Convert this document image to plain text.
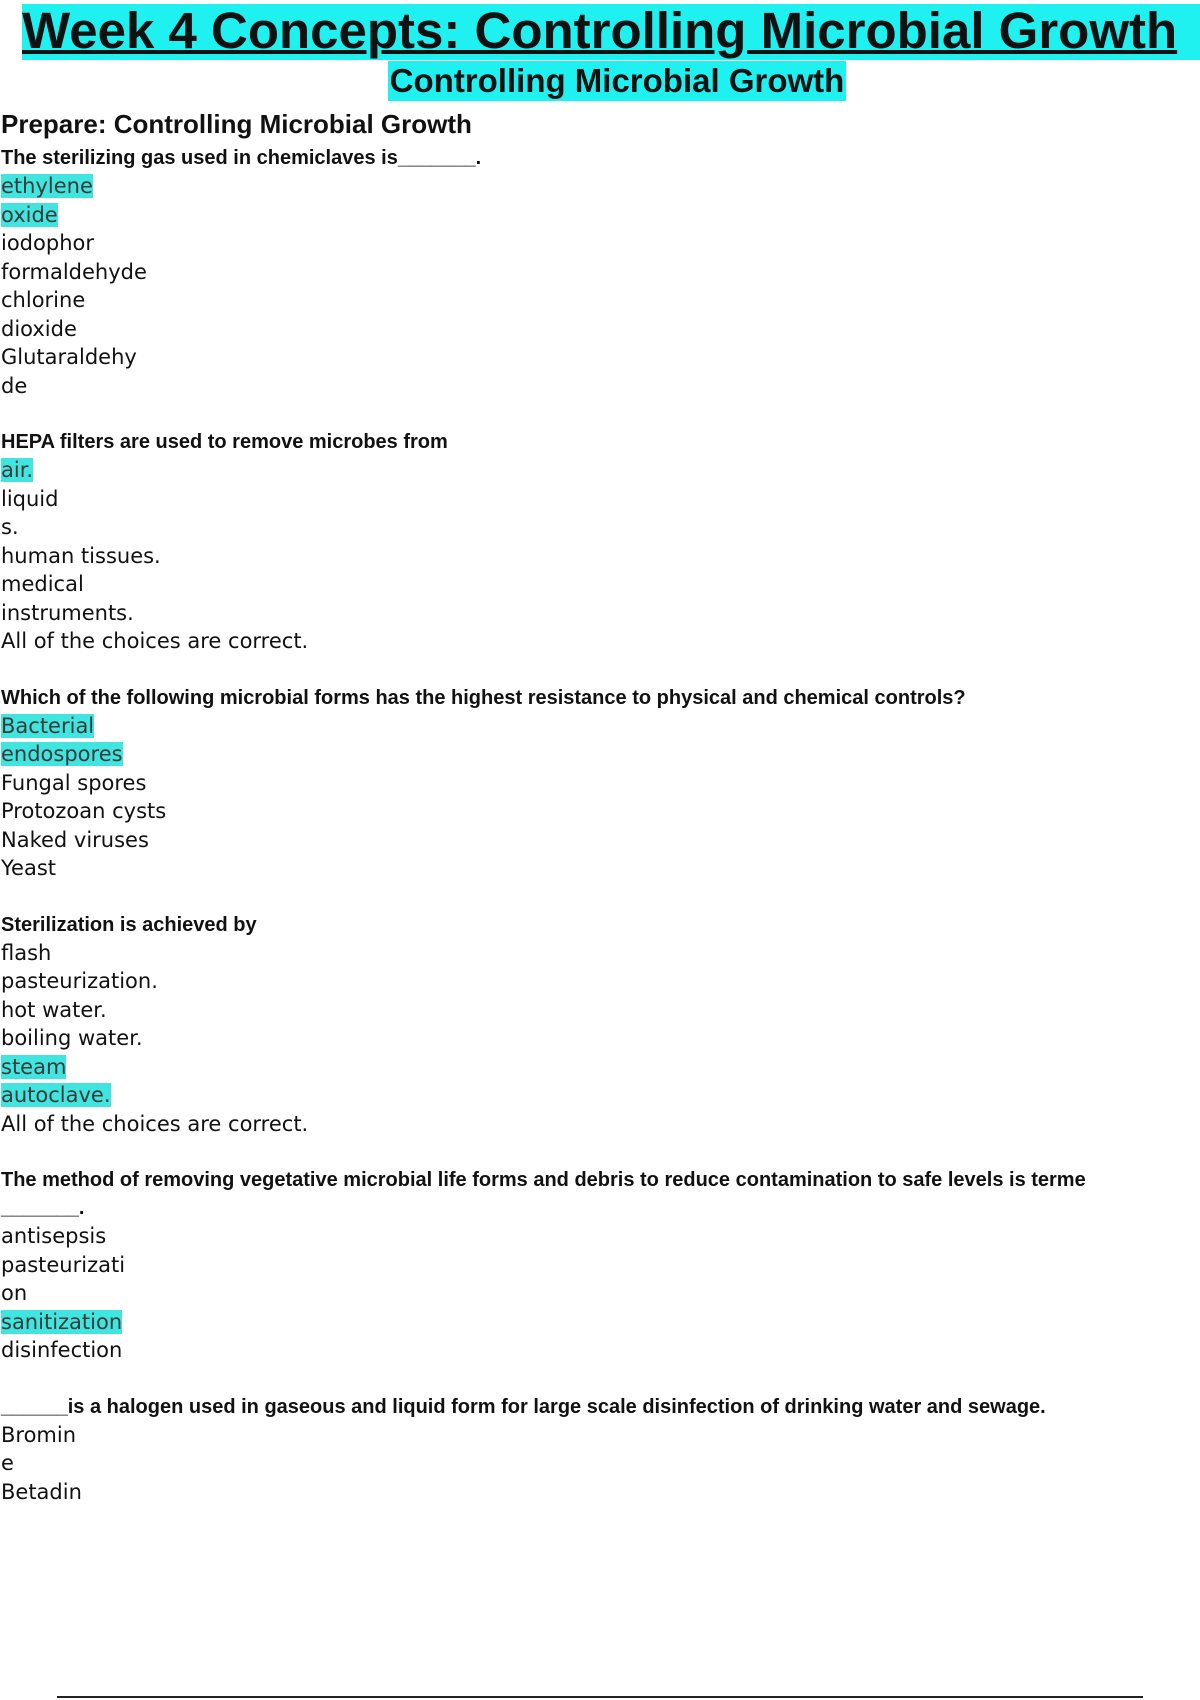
Week 4 Concepts: Controlling Microbial Growth
Controlling Microbial Growth
Prepare: Controlling Microbial Growth
The sterilizing gas used in chemiclaves is_______.
ethylene
oxide
iodophor
formaldehyde
chlorine
dioxide
Glutaraldehy
de
HEPA filters are used to remove microbes from
air.
liquid
s.
human tissues.
medical
instruments.
All of the choices are correct.
Which of the following microbial forms has the highest resistance to physical and chemical controls?
Bacterial
endospores
Fungal spores
Protozoan cysts
Naked viruses
Yeast
Sterilization is achieved by
flash
pasteurization.
hot water.
boiling water.
steam
autoclave.
All of the choices are correct.
The method of removing vegetative microbial life forms and debris to reduce contamination to safe levels is terme
_______.
antisepsis
pasteurizati
on
sanitization
disinfection
______is a halogen used in gaseous and liquid form for large scale disinfection of drinking water and sewage.
Bromin
e
Betadin
